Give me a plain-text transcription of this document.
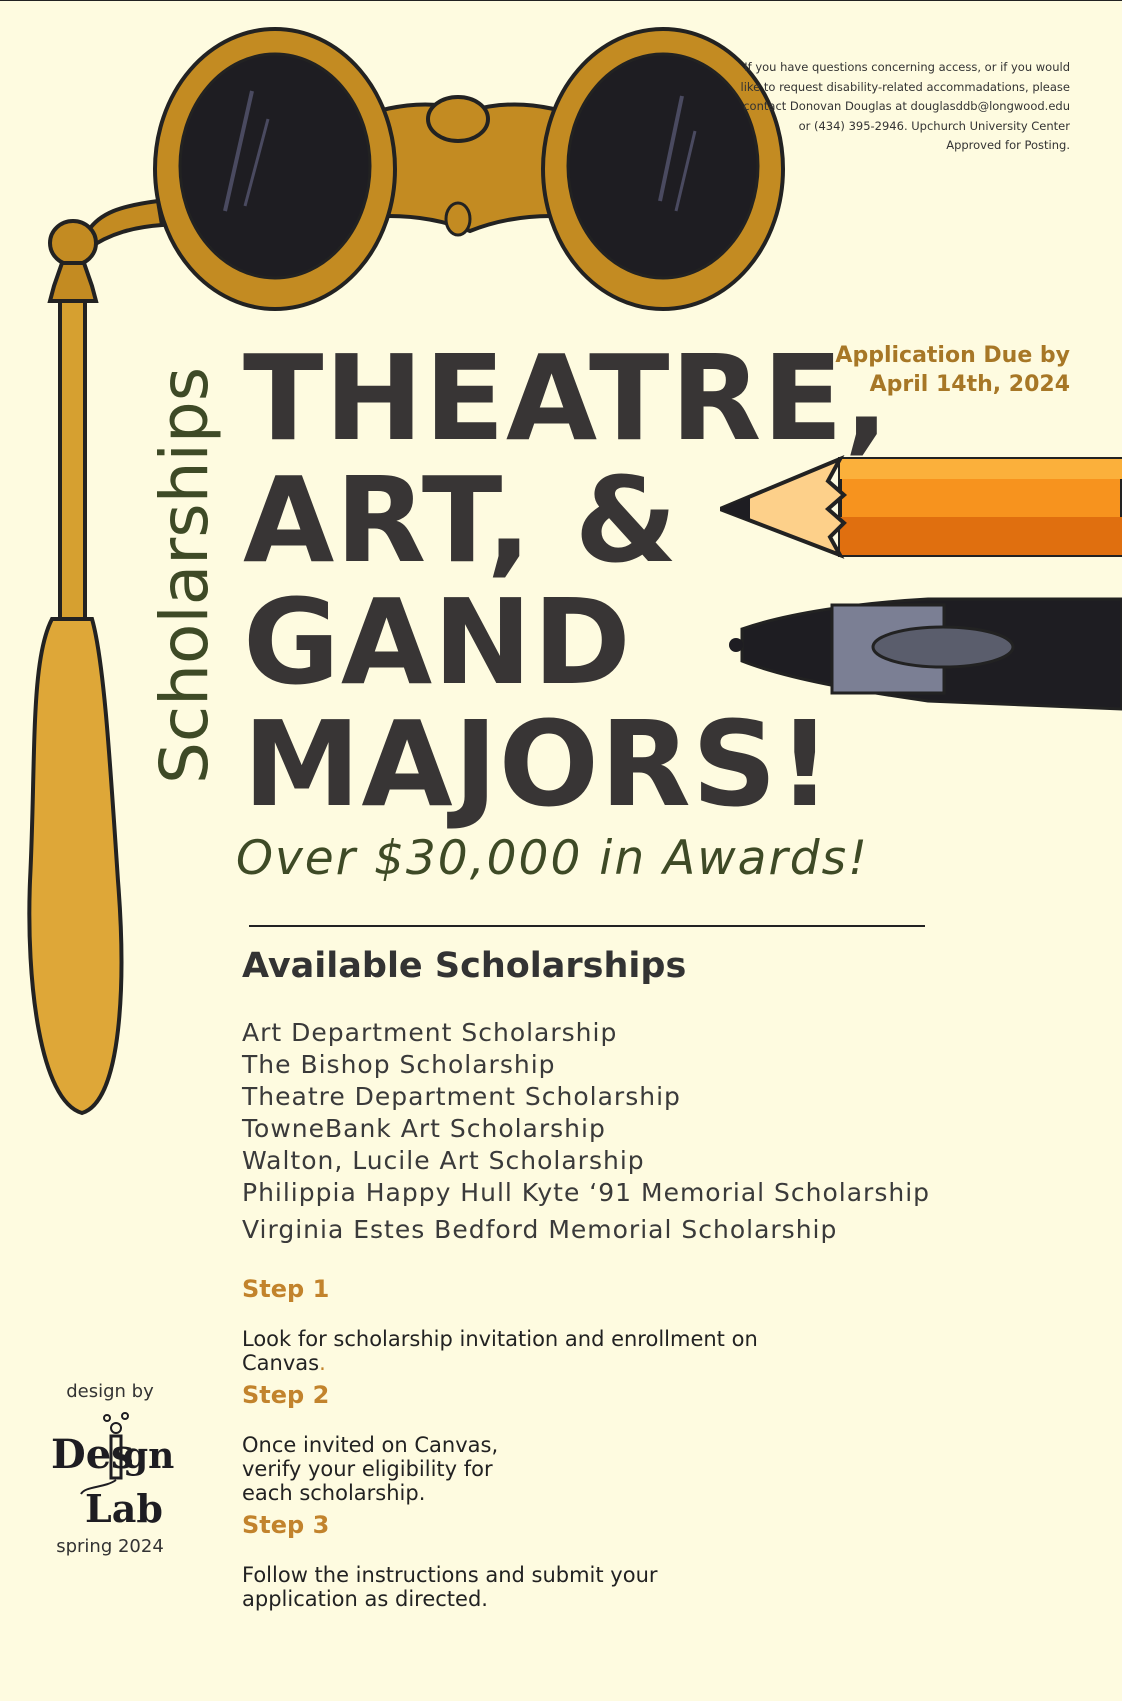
If you have questions concerning access, or if you would like to request disability-related accommadations, please contact Donovan Douglas at douglasddb@longwood.edu or (434) 395-2946. Upchurch University Center Approved for Posting.
Application Due by
April 14th, 2024
Scholarships THEATRE,
ART, &
GAND
MAJORS!
Over $30,000 in Awards!
Available Scholarships
Art Department Scholarship
The Bishop Scholarship
Theatre Department Scholarship
TowneBank Art Scholarship
Walton, Lucile Art Scholarship
Philippia Happy Hull Kyte ‘91 Memorial Scholarship
Virginia Estes Bedford Memorial Scholarship
Step 1
Look for scholarship invitation and enrollment on Canvas.
Step 2
Once invited on Canvas, verify your eligibility for each scholarship.
Step 3
Follow the instructions and submit your application as directed.
design by
Des
gn
Lab
spring 2024
